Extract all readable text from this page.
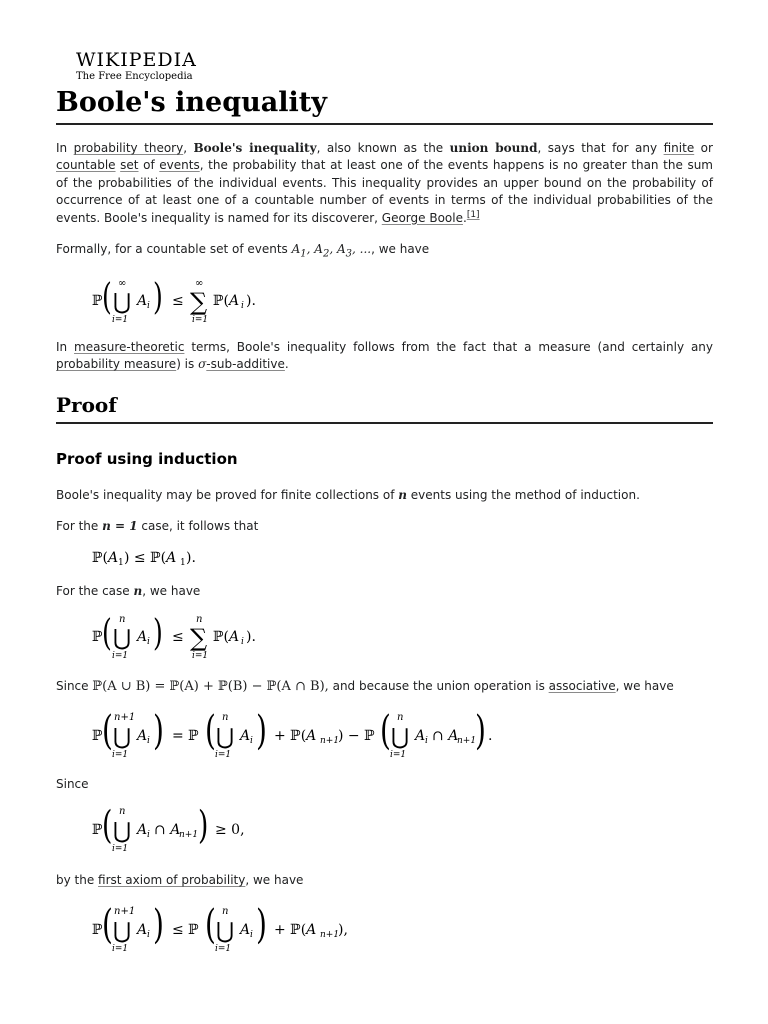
WIKIPEDIA
The Free Encyclopedia
Boole's inequality

In probability theory, Boole's inequality, also known as the union bound, says that for any finite or countable set of events, the probability that at least one of the events happens is no greater than the sum of the probabilities of the individual events. This inequality provides an upper bound on the probability of occurrence of at least one of a countable number of events in terms of the individual probabilities of the events. Boole's inequality is named for its discoverer, George Boole.[1]

Formally, for a countable set of events $A_1$, $A_2$, $A_3$, ..., we have

ℙ ( ∞
⋃
i=1
A i ) ≤
∞
∑
i=1
ℙ(A i ).

In measure-theoretic terms, Boole's inequality follows from the fact that a measure (and certainly any probability measure) is σ-sub-additive.

Proof
Proof using induction

Boole's inequality may be proved for finite collections of n events using the method of induction.

For the n = 1 case, it follows that

ℙ(A 1 ) ≤ ℙ(A 1 ).

For the case n, we have

ℙ ( n
⋃
i=1
A i ) ≤
n
∑
i=1
ℙ(A i ).

Since ℙ(A ∪ B) = ℙ(A) + ℙ(B) − ℙ(A ∩ B), and because the union operation is associative, we have

ℙ ( n+1
⋃
i=1
A i ) = ℙ ( n
⋃
i=1
A i ) + ℙ(A n+1
) − ℙ ( n
⋃
i=1
A i ∩ A
n+1
) .

Since

ℙ ( n
⋃
i=1
A i ∩ A
n+1 ) ≥ 0,

by the first axiom of probability, we have

ℙ ( n+1
⋃
i=1
A i ) ≤ ℙ ( n
⋃
i=1
A i ) + ℙ(A n+1
),
